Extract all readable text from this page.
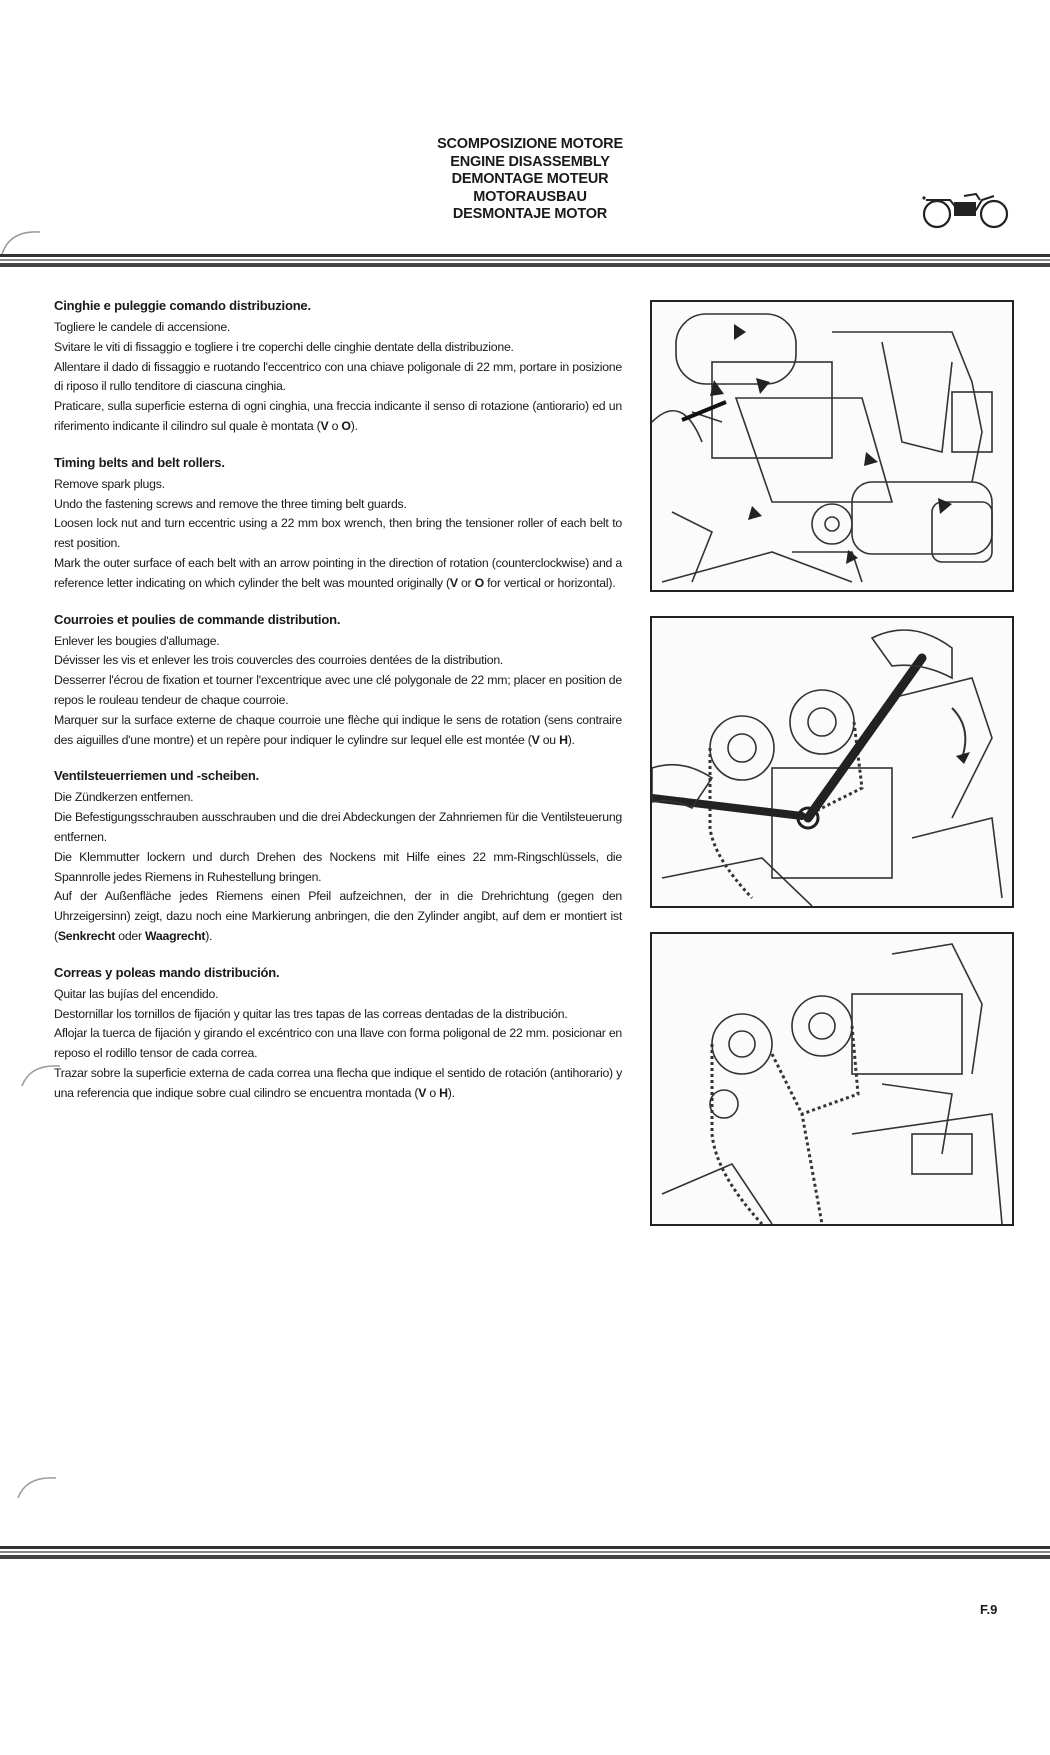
SCOMPOSIZIONE MOTORE
ENGINE DISASSEMBLY
DEMONTAGE MOTEUR
MOTORAUSBAU
DESMONTAJE MOTOR
Cinghie e puleggie comando distribuzione.

Togliere le candele di accensione.

Svitare le viti di fissaggio e togliere i tre coperchi delle cinghie dentate della distribuzione.

Allentare il dado di fissaggio e ruotando l'eccentrico con una chiave poligonale di 22 mm, portare in posizione di riposo il rullo tenditore di ciascuna cinghia.

Praticare, sulla superficie esterna di ogni cinghia, una freccia indicante il senso di rotazione (antiorario) ed un riferimento indicante il cilindro sul quale è montata (V o O).

Timing belts and belt rollers.

Remove spark plugs.

Undo the fastening screws and remove the three timing belt guards.

Loosen lock nut and turn eccentric using a 22 mm box wrench, then bring the tensioner roller of each belt to rest position.

Mark the outer surface of each belt with an arrow pointing in the direction of rotation (counterclockwise) and a reference letter indicating on which cylinder the belt was mounted originally (V or O for vertical or horizontal).

Courroies et poulies de commande distribution.

Enlever les bougies d'allumage.

Dévisser les vis et enlever les trois couvercles des courroies dentées de la distribution.

Desserrer l'écrou de fixation et tourner l'excentrique avec une clé polygonale de 22 mm; placer en position de repos le rouleau tendeur de chaque courroie.

Marquer sur la surface externe de chaque courroie une flèche qui indique le sens de rotation (sens contraire des aiguilles d'une montre) et un repère pour indiquer le cylindre sur lequel elle est montée (V ou H).

Ventilsteuerriemen und -scheiben.

Die Zündkerzen entfernen.

Die Befestigungsschrauben ausschrauben und die drei Abdeckungen der Zahnriemen für die Ventilsteuerung entfernen.

Die Klemmutter lockern und durch Drehen des Nockens mit Hilfe eines 22 mm-Ringschlüssels, die Spannrolle jedes Riemens in Ruhestellung bringen.

Auf der Außenfläche jedes Riemens einen Pfeil aufzeichnen, der in die Drehrichtung (gegen den Uhrzeigersinn) zeigt, dazu noch eine Markierung anbringen, die den Zylinder angibt, auf dem er montiert ist (Senkrecht oder Waagrecht).

Correas y poleas mando distribución.

Quitar las bujías del encendido.

Destornillar los tornillos de fijación y quitar las tres tapas de las correas dentadas de la distribución.

Aflojar la tuerca de fijación y girando el excéntrico con una llave con forma poligonal de 22 mm. posicionar en reposo el rodillo tensor de cada correa.

Trazar sobre la superficie externa de cada correa una flecha que indique el sentido de rotación (antihorario) y una referencia que indique sobre cual cilindro se encuentra montada (V o H).

F.9
